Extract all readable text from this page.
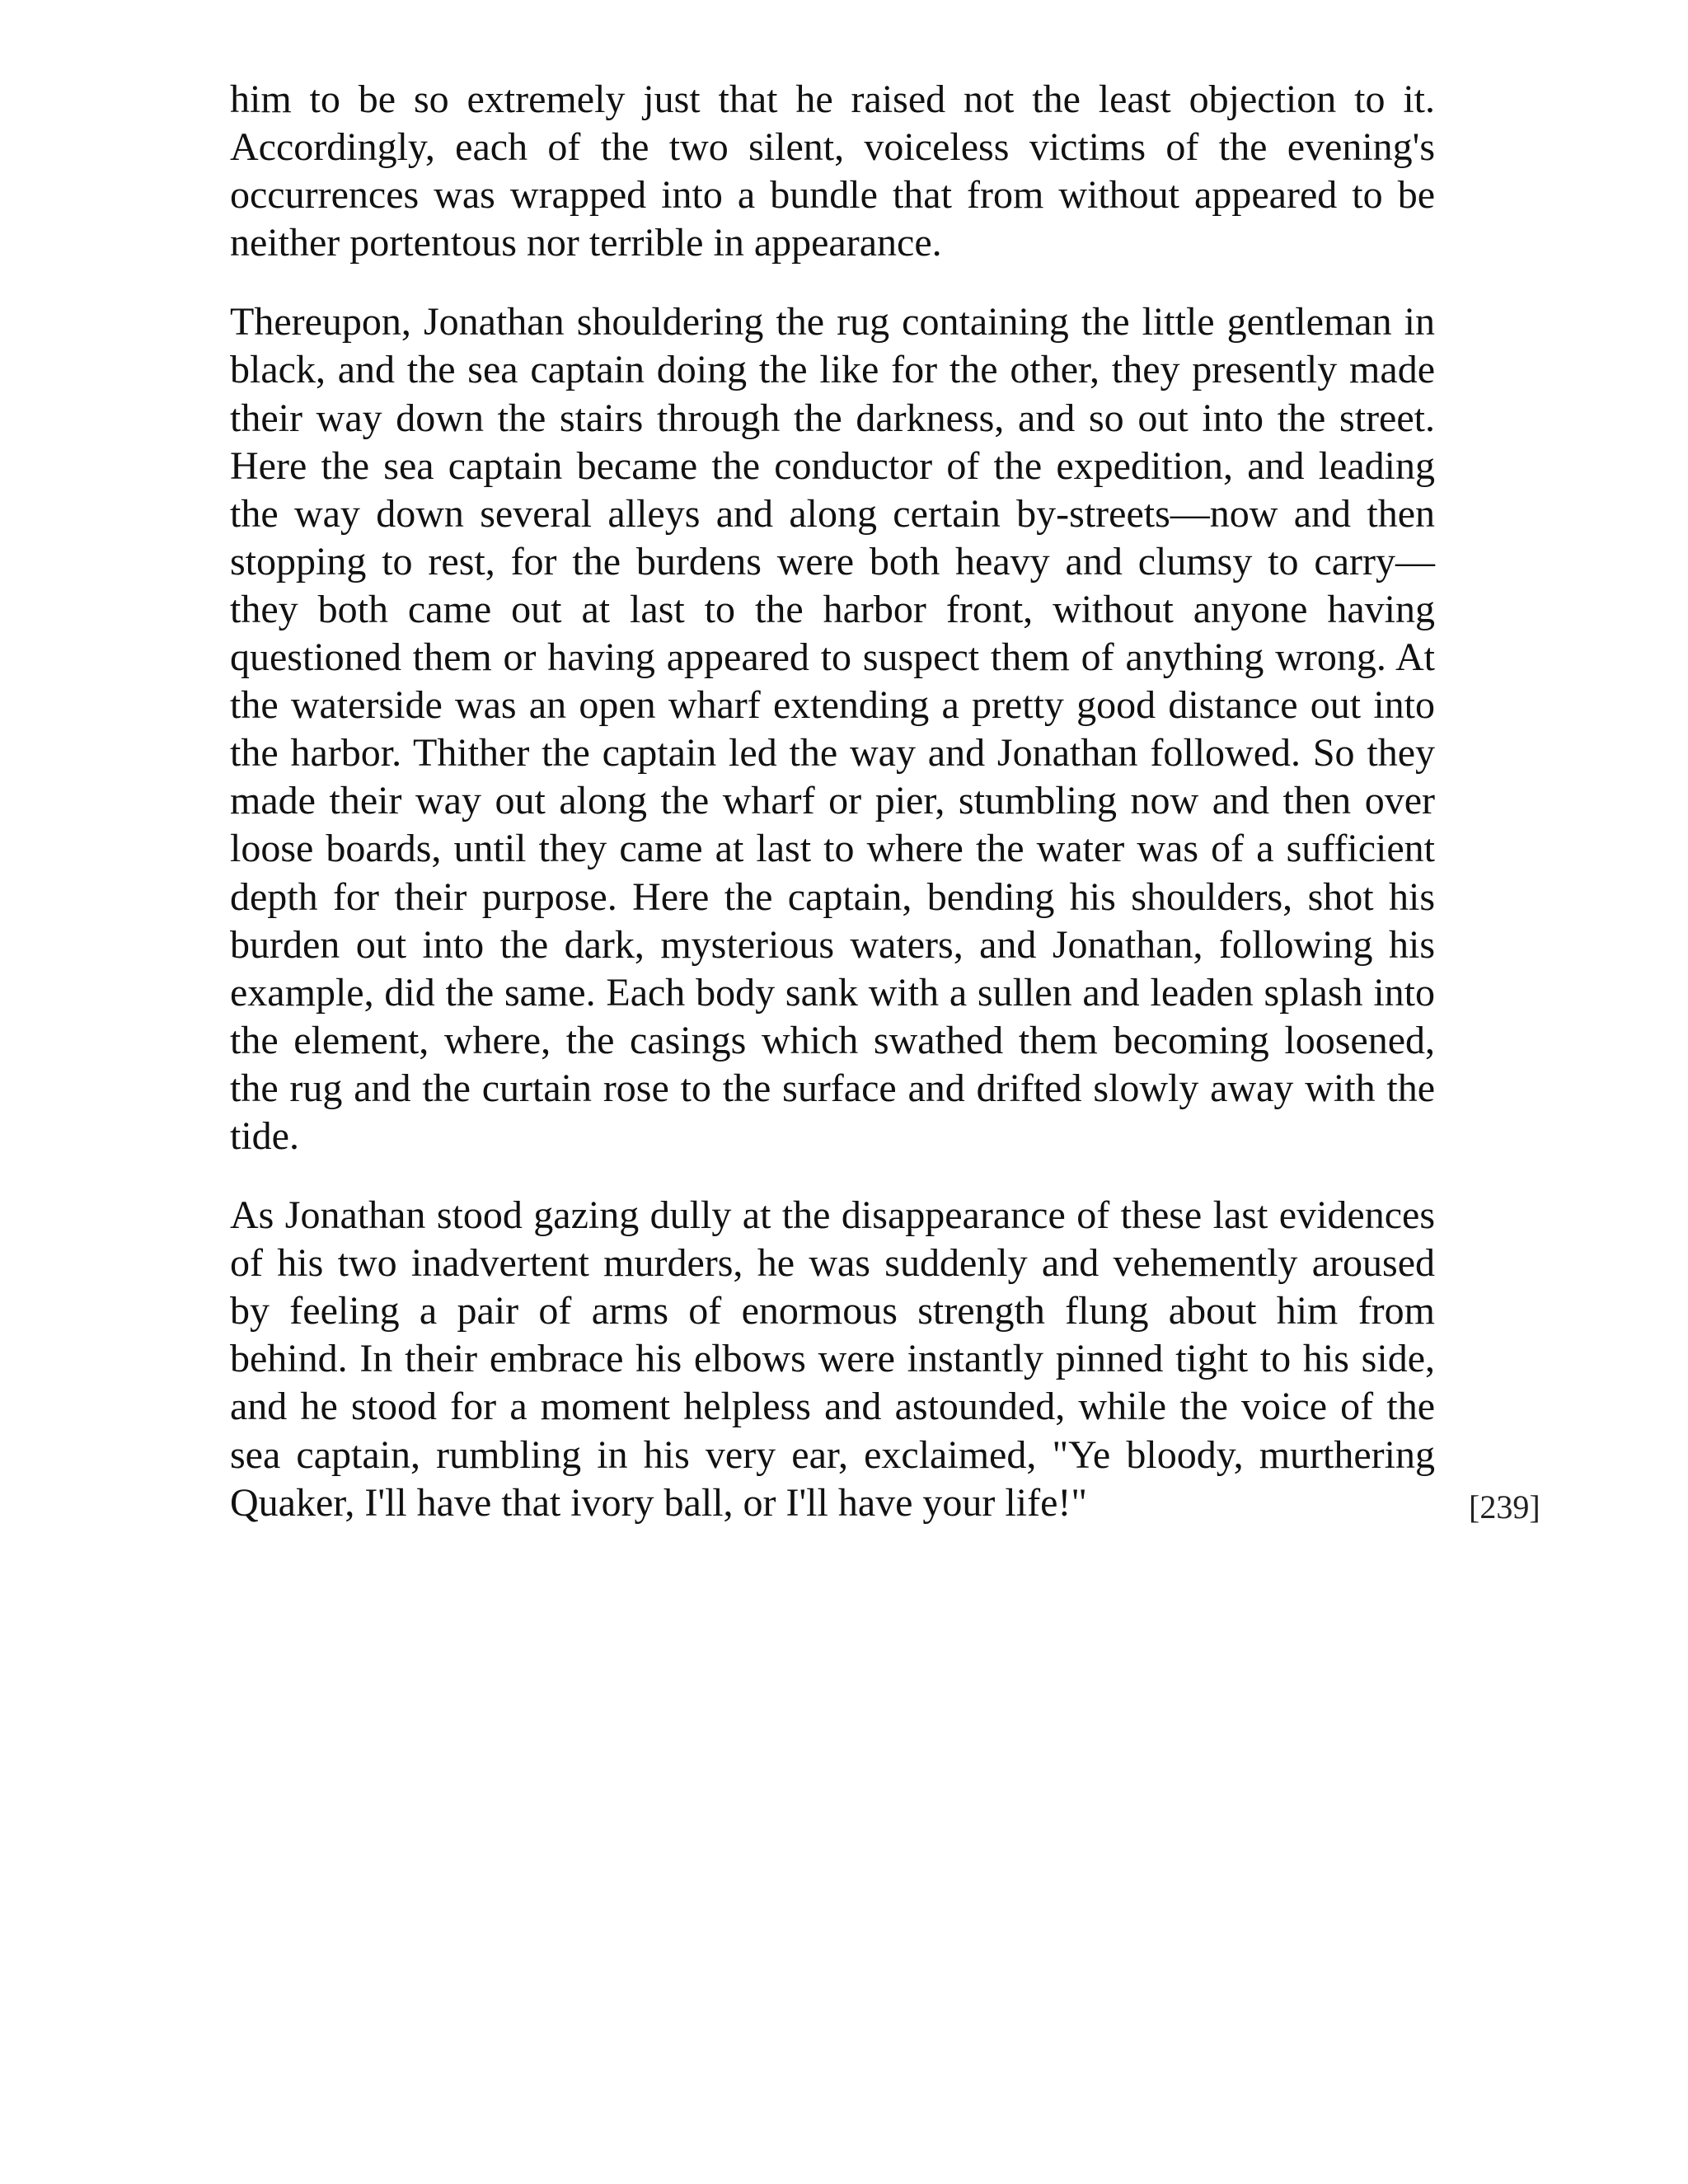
him to be so extremely just that he raised not the least objection to it. Accordingly, each of the two silent, voiceless victims of the evening's occurrences was wrapped into a bundle that from without appeared to be neither portentous nor terrible in appearance.

Thereupon, Jonathan shouldering the rug containing the little gentleman in black, and the sea captain doing the like for the other, they presently made their way down the stairs through the darkness, and so out into the street. Here the sea captain became the conductor of the expedition, and leading the way down several alleys and along certain by-streets—now and then stopping to rest, for the burdens were both heavy and clumsy to carry—they both came out at last to the harbor front, without anyone having questioned them or having appeared to suspect them of anything wrong. At the waterside was an open wharf extending a pretty good distance out into the harbor. Thither the captain led the way and Jonathan followed. So they made their way out along the wharf or pier, stumbling now and then over loose boards, until they came at last to where the water was of a sufficient depth for their purpose. Here the captain, bending his shoulders, shot his burden out into the dark, mysterious waters, and Jonathan, following his example, did the same. Each body sank with a sullen and leaden splash into the element, where, the casings which swathed them becoming loosened, the rug and the curtain rose to the surface and drifted slowly away with the tide.

As Jonathan stood gazing dully at the disappearance of these last evidences of his two inadvertent murders, he was suddenly and vehemently aroused by feeling a pair of arms of enormous strength flung about him from behind. In their embrace his elbows were instantly pinned tight to his side, and he stood for a moment helpless and astounded, while the voice of the sea captain, rumbling in his very ear, exclaimed, "Ye bloody, murthering Quaker, I'll have that ivory ball, or I'll have your life!"	[239]
